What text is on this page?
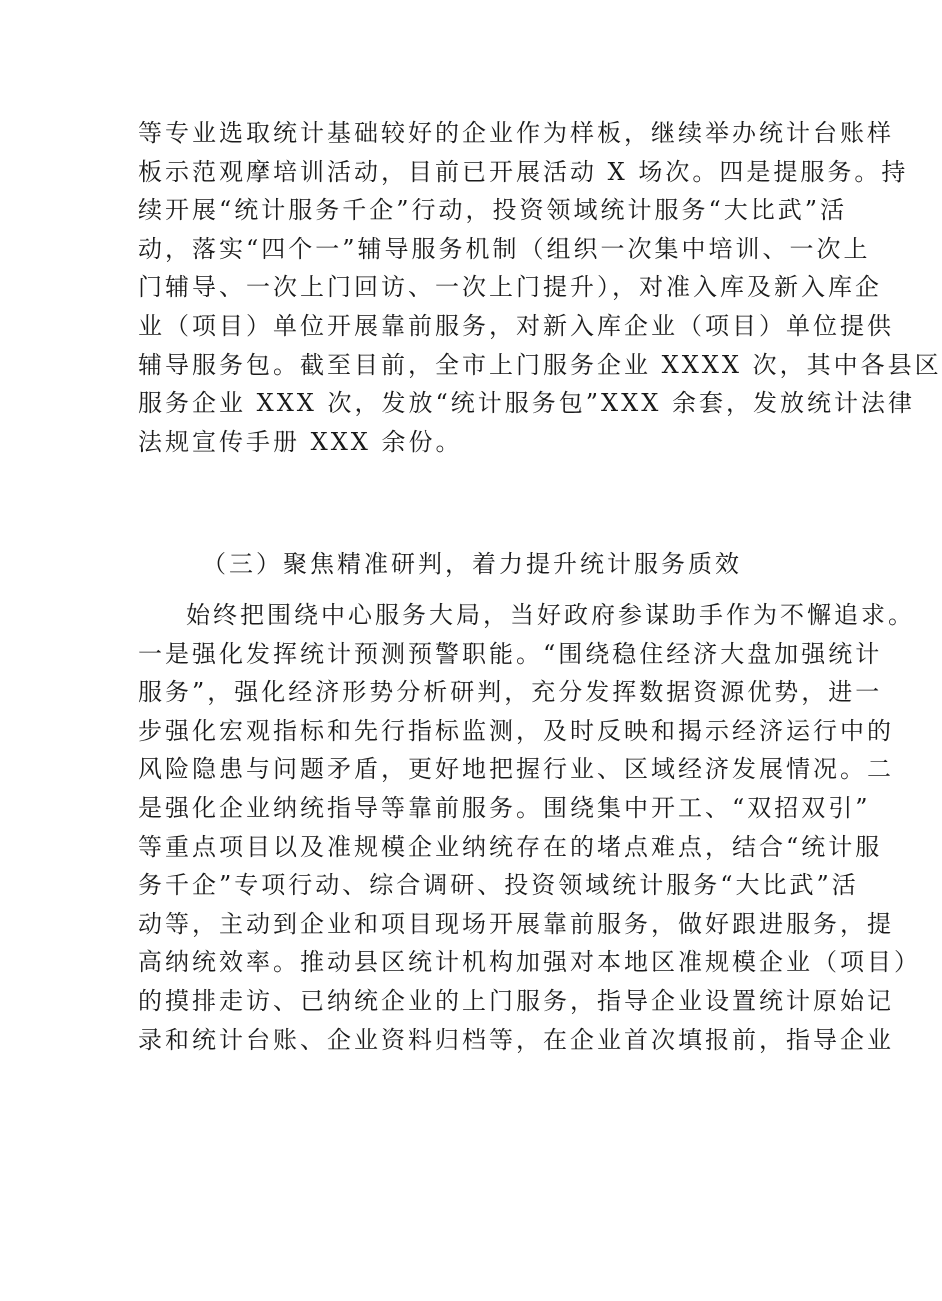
等专业选取统计基础较好的企业作为样板，继续举办统计台账样
板示范观摩培训活动，目前已开展活动 X 场次。四是提服务。持
续开展“统计服务千企”行动，投资领域统计服务“大比武”活
动，落实“四个一”辅导服务机制（组织一次集中培训、一次上
门辅导、一次上门回访、一次上门提升），对准入库及新入库企
业（项目）单位开展靠前服务，对新入库企业（项目）单位提供
辅导服务包。截至目前，全市上门服务企业 XXXX 次，其中各县区
服务企业 XXX 次，发放“统计服务包”XXX 余套，发放统计法律
法规宣传手册 XXX 余份。
（三）聚焦精准研判，着力提升统计服务质效
始终把围绕中心服务大局，当好政府参谋助手作为不懈追求。
一是强化发挥统计预测预警职能。“围绕稳住经济大盘加强统计
服务”，强化经济形势分析研判，充分发挥数据资源优势，进一
步强化宏观指标和先行指标监测，及时反映和揭示经济运行中的
风险隐患与问题矛盾，更好地把握行业、区域经济发展情况。二
是强化企业纳统指导等靠前服务。围绕集中开工、“双招双引”
等重点项目以及准规模企业纳统存在的堵点难点，结合“统计服
务千企”专项行动、综合调研、投资领域统计服务“大比武”活
动等，主动到企业和项目现场开展靠前服务，做好跟进服务，提
高纳统效率。推动县区统计机构加强对本地区准规模企业（项目）
的摸排走访、已纳统企业的上门服务，指导企业设置统计原始记
录和统计台账、企业资料归档等，在企业首次填报前，指导企业
